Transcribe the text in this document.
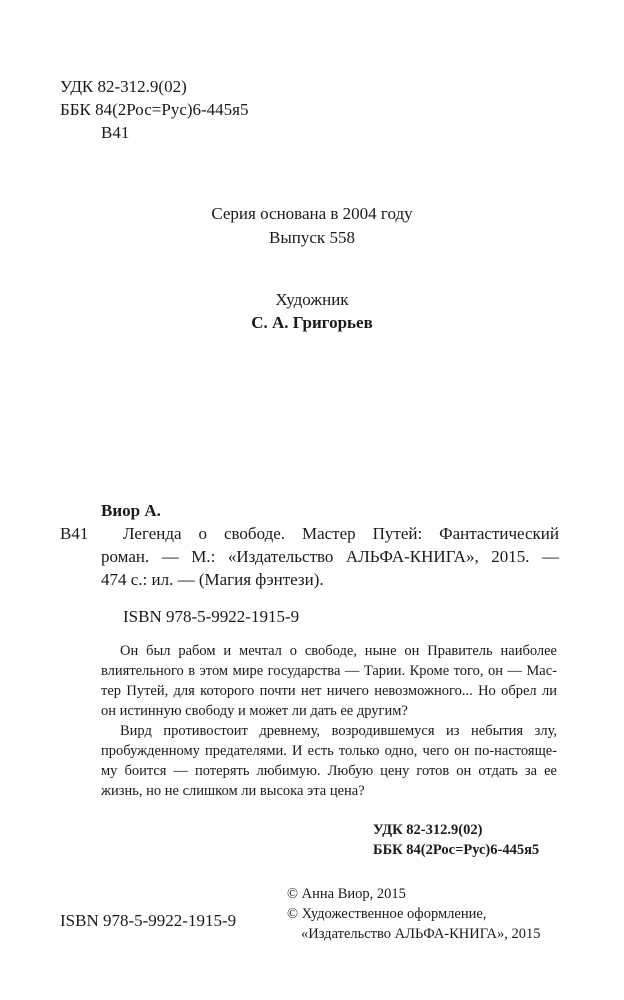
УДК 82-312.9(02)
ББК 84(2Рос=Рус)6-445я5
В41
Серия основана в 2004 году
Выпуск 558
Художник
С. А. Григорьев
Виор А.
В41 Легенда о свободе. Мастер Путей: Фантастический
роман. — М.: «Издательство АЛЬФА-КНИГА», 2015. —
474 с.: ил. — (Магия фэнтези).
ISBN 978-5-9922-1915-9
Он был рабом и мечтал о свободе, ныне он Правитель наиболее
влиятельного в этом мире государства — Тарии. Кроме того, он — Мас-
тер Путей, для которого почти нет ничего невозможного... Но обрел ли
он истинную свободу и может ли дать ее другим?
Вирд противостоит древнему, возродившемуся из небытия злу,
пробужденному предателями. И есть только одно, чего он по-настояще-
му боится — потерять любимую. Любую цену готов он отдать за ее
жизнь, но не слишком ли высока эта цена?
УДК 82-312.9(02)
ББК 84(2Рос=Рус)6-445я5
© Анна Виор, 2015
© Художественное оформление,
«Издательство АЛЬФА-КНИГА», 2015
ISBN 978-5-9922-1915-9
